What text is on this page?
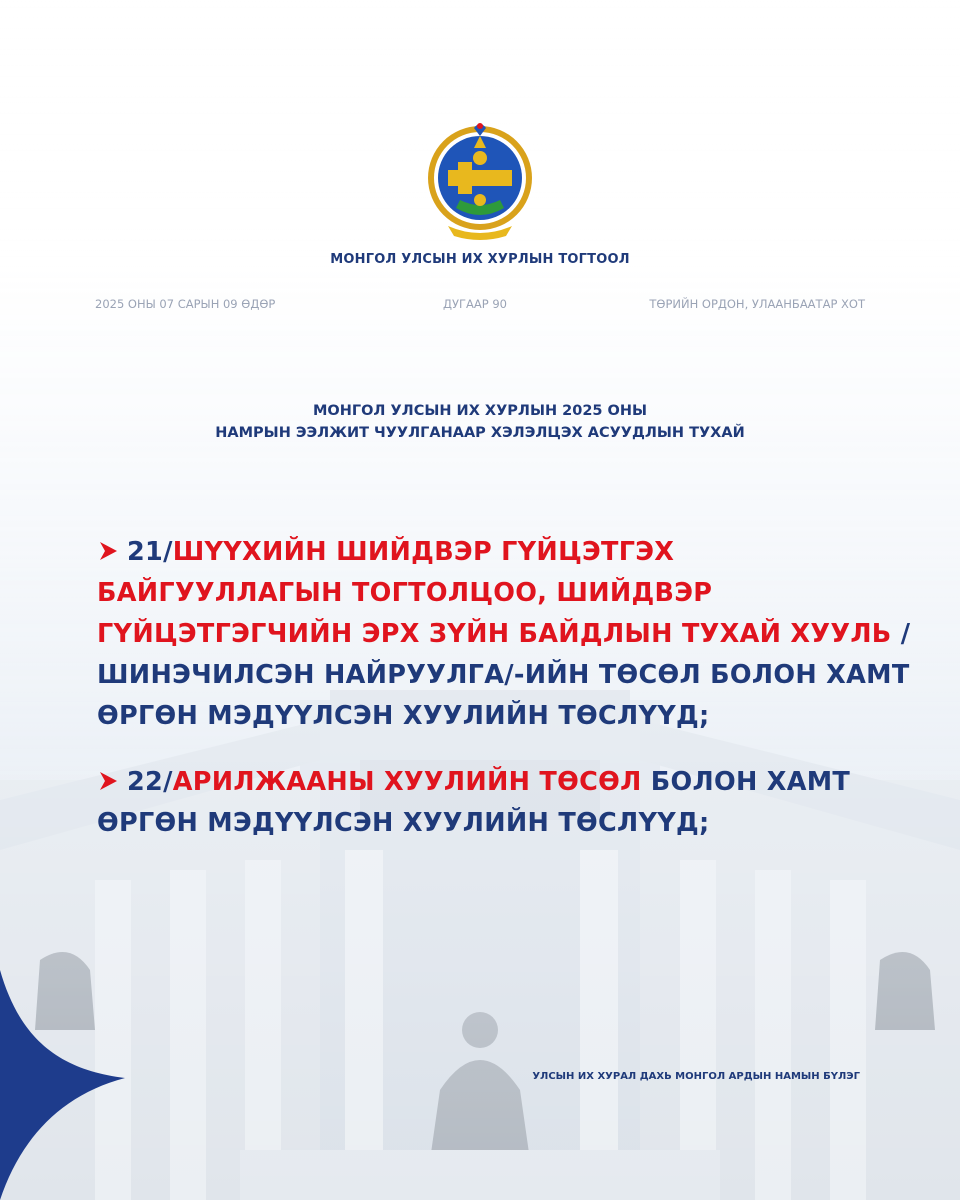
МОНГОЛ УЛСЫН ИХ ХУРЛЫН ТОГТООЛ
2025 ОНЫ 07 САРЫН 09 ӨДӨР	ДУГААР 90	ТӨРИЙН ОРДОН, УЛААНБААТАР ХОТ
МОНГОЛ УЛСЫН ИХ ХУРЛЫН 2025 ОНЫ
НАМРЫН ЭЭЛЖИТ ЧУУЛГАНААР ХЭЛЭЛЦЭХ АСУУДЛЫН ТУХАЙ
21/ШҮҮХИЙН ШИЙДВЭР ГҮЙЦЭТГЭХ БАЙГУУЛЛАГЫН ТОГТОЛЦОО, ШИЙДВЭР ГҮЙЦЭТГЭГЧИЙН ЭРХ ЗҮЙН БАЙДЛЫН ТУХАЙ ХУУЛЬ /ШИНЭЧИЛСЭН НАЙРУУЛГА/-ИЙН ТӨСӨЛ БОЛОН ХАМТ ӨРГӨН МЭДҮҮЛСЭН ХУУЛИЙН ТӨСЛҮҮД;
22/АРИЛЖААНЫ ХУУЛИЙН ТӨСӨЛ БОЛОН ХАМТ ӨРГӨН МЭДҮҮЛСЭН ХУУЛИЙН ТӨСЛҮҮД;
УЛСЫН ИХ ХУРАЛ ДАХЬ МОНГОЛ АРДЫН НАМЫН БҮЛЭГ
